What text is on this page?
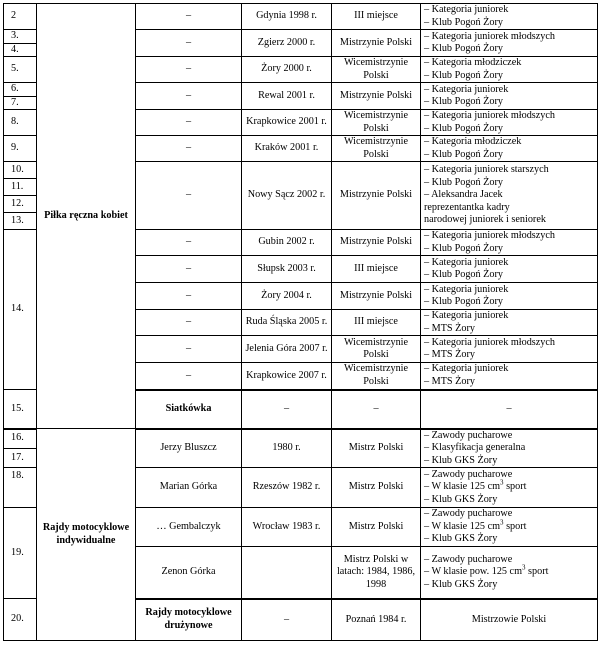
2	Piłka ręczna kobiet	–	Gdynia 1998 r.	III miejsce	– Kategoria juniorek
– Klub Pogoń Żory	

3.		–	Zgierz 2000 r.	Mistrzynie Polski	– Kategoria juniorek młodszych
– Klub Pogoń Żory	

4.						
5.		–	Żory 2000 r.	Wicemistrzynie Polski	– Kategoria młodziczek
– Klub Pogoń Żory	

6.		–	Rewal 2001 r.	Mistrzynie Polski	– Kategoria juniorek
– Klub Pogoń Żory	

7.						
8.		–	Krapkowice 2001 r.	Wicemistrzynie Polski	– Kategoria juniorek młodszych
– Klub Pogoń Żory	

9.		–	Kraków 2001 r.	Wicemistrzynie Polski	– Kategoria młodziczek
– Klub Pogoń Żory	

10.		–	Nowy Sącz 2002 r.	Mistrzynie Polski	– Kategoria juniorek starszych
– Klub Pogoń Żory
– Aleksandra Jacek
reprezentantka kadry
narodowej juniorek i seniorek	

11.						
12.						
13.						
14.		–	Gubin 2002 r.	Mistrzynie Polski	– Kategoria juniorek młodszych
– Klub Pogoń Żory	

		–	Słupsk 2003 r.	III miejsce	– Kategoria juniorek
– Klub Pogoń Żory	

		–	Żory 2004 r.	Mistrzynie Polski	– Kategoria juniorek
– Klub Pogoń Żory	

		–	Ruda Śląska 2005 r.	III miejsce	– Kategoria juniorek
– MTS Żory	

		–	Jelenia Góra 2007 r.	Wicemistrzynie Polski	– Kategoria juniorek młodszych
– MTS Żory	

		–	Krapkowice 2007 r.	Wicemistrzynie Polski	– Kategoria juniorek
– MTS Żory	

15.		Siatkówka	–	–	–	

16.	Rajdy motocyklowe indywidualne	Jerzy Bluszcz	1980 r.	Mistrz Polski	– Zawody pucharowe
– Klasyfikacja generalna
– Klub GKS Żory	

17.						
18.		Marian Górka	Rzeszów 1982 r.	Mistrz Polski	– Zawody pucharowe
– W klasie 125 $cm^3$ sport
– Klub GKS Żory	

19.		… Gembalczyk	Wrocław 1983 r.	Mistrz Polski	– Zawody pucharowe
– W klasie 125 $cm^3$ sport
– Klub GKS Żory	

		Zenon Górka		Mistrz Polski w latach: 1984, 1986, 1998	– Zawody pucharowe
– W klasie pow. 125 $cm^3$ sport
– Klub GKS Żory	

20.		Rajdy motocyklowe drużynowe	–	Poznań 1984 r.	Mistrzowie Polski	
